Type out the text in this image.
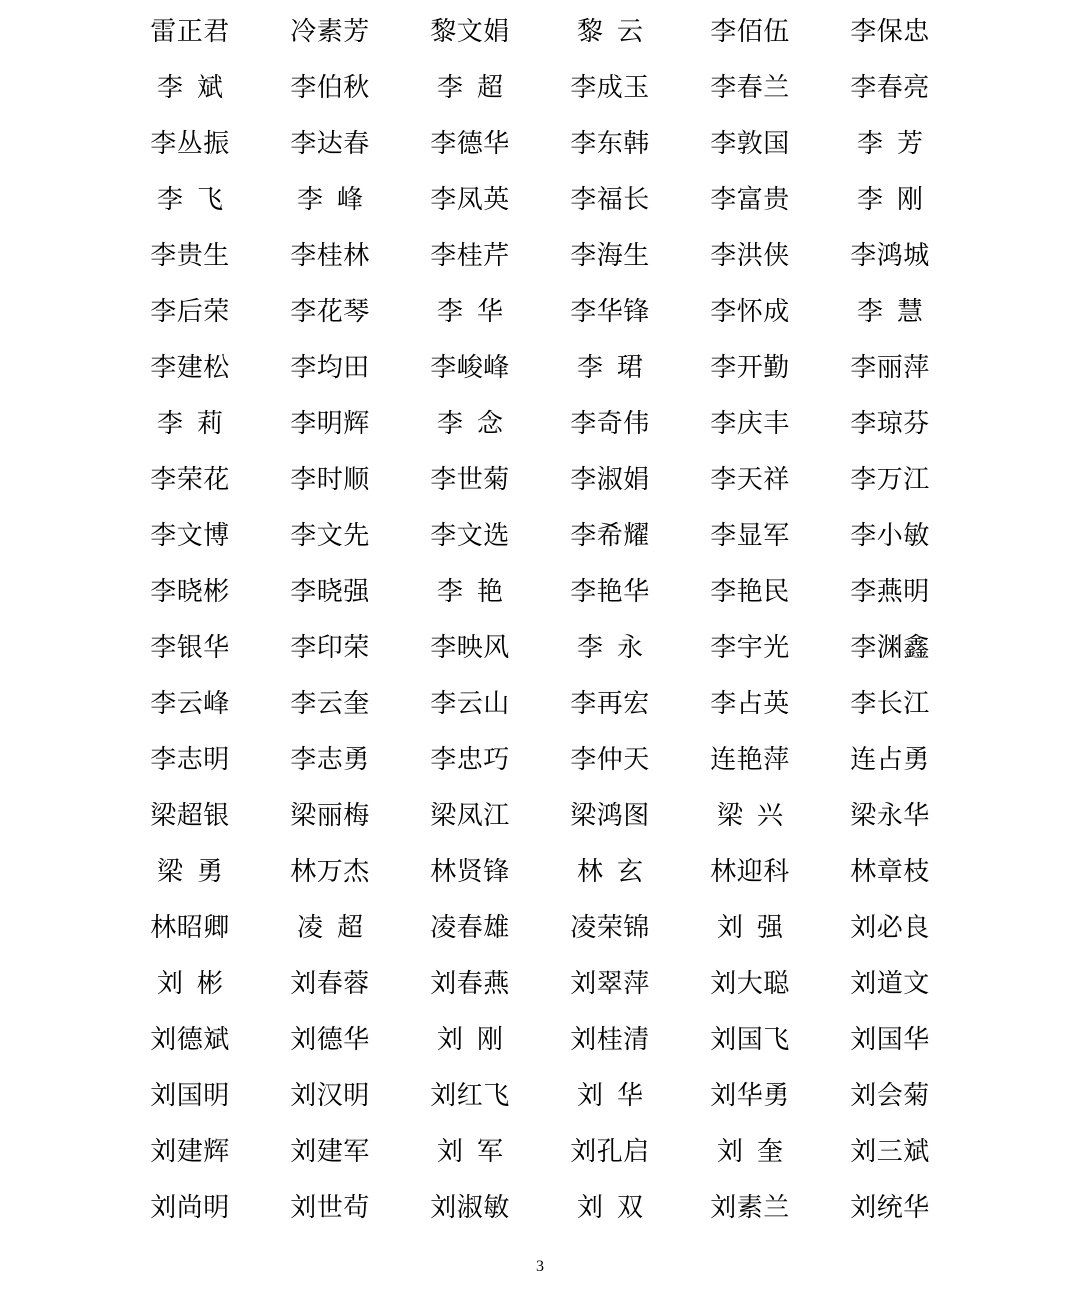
雷正君	冷素芳	黎文娟	黎云	李佰伍	李保忠
李斌	李伯秋	李超	李成玉	李春兰	李春亮
李丛振	李达春	李德华	李东韩	李敦国	李芳
李飞	李峰	李凤英	李福长	李富贵	李刚
李贵生	李桂林	李桂芹	李海生	李洪侠	李鸿城
李后荣	李花琴	李华	李华锋	李怀成	李慧
李建松	李均田	李峻峰	李珺	李开勤	李丽萍
李莉	李明辉	李念	李奇伟	李庆丰	李琼芬
李荣花	李时顺	李世菊	李淑娟	李天祥	李万江
李文博	李文先	李文选	李希耀	李显军	李小敏
李晓彬	李晓强	李艳	李艳华	李艳民	李燕明
李银华	李印荣	李映风	李永	李宇光	李渊鑫
李云峰	李云奎	李云山	李再宏	李占英	李长江
李志明	李志勇	李忠巧	李仲天	连艳萍	连占勇
梁超银	梁丽梅	梁凤江	梁鸿图	梁兴	梁永华
梁勇	林万杰	林贤锋	林玄	林迎科	林章枝
林昭卿	凌超	凌春雄	凌荣锦	刘强	刘必良
刘彬	刘春蓉	刘春燕	刘翠萍	刘大聪	刘道文
刘德斌	刘德华	刘刚	刘桂清	刘国飞	刘国华
刘国明	刘汉明	刘红飞	刘华	刘华勇	刘会菊
刘建辉	刘建军	刘军	刘孔启	刘奎	刘三斌
刘尚明	刘世茍	刘淑敏	刘双	刘素兰	刘统华
3
